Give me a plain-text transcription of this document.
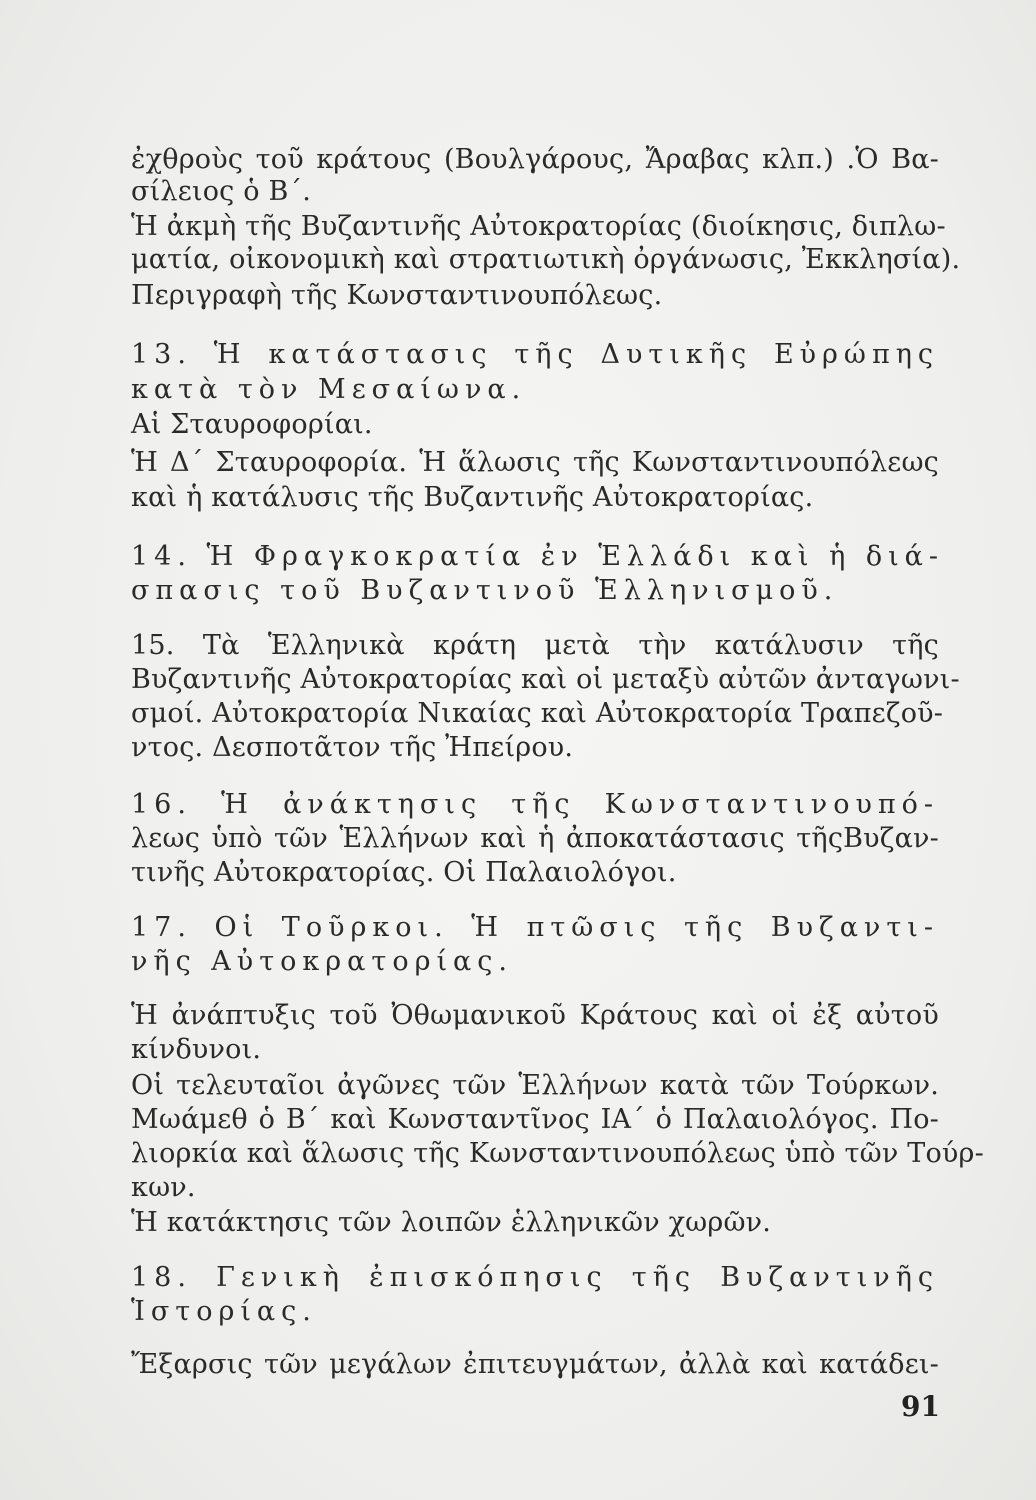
ἐχθροὺς τοῦ κράτους (Βουλγάρους, Ἄραβας κλπ.) .Ὁ Βα-
σίλειος ὁ Β΄.
Ἡ ἀκμὴ τῆς Βυζαντινῆς Αὐτοκρατορίας (διοίκησις, διπλω-
ματία, οἰκονομικὴ καὶ στρατιωτικὴ ὀργάνωσις, Ἐκκλησία).
Περιγραφὴ τῆς Κωνσταντινουπόλεως.
13. Ἡ κατάστασις τῆς Δυτικῆς Εὐρώπης
κατὰ τὸν Μεσαίωνα.
Αἱ Σταυροφορίαι.
Ἡ Δ΄ Σταυροφορία. Ἡ ἅλωσις τῆς Κωνσταντινουπόλεως
καὶ ἡ κατάλυσις τῆς Βυζαντινῆς Αὐτοκρατορίας.
14. Ἡ Φραγκοκρατία ἐν Ἑλλάδι καὶ ἡ διά-
σπασις τοῦ Βυζαντινοῦ Ἑλληνισμοῦ.
15. Τὰ Ἑλληνικὰ κράτη μετὰ τὴν κατάλυσιν τῆς
Βυζαντινῆς Αὐτοκρατορίας καὶ οἱ μεταξὺ αὐτῶν ἀνταγωνι-
σμοί. Αὐτοκρατορία Νικαίας καὶ Αὐτοκρατορία Τραπεζοῦ-
ντος. Δεσποτᾶτον τῆς Ἠπείρου.
16. Ἡ ἀνάκτησις τῆς Κωνσταντινουπό-
λεως ὑπὸ τῶν Ἑλλήνων καὶ ἡ ἀποκατάστασις τῆςΒυζαν-
τινῆς Αὐτοκρατορίας. Οἱ Παλαιολόγοι.
17. Οἱ Τοῦρκοι. Ἡ πτῶσις τῆς Βυζαντι-
νῆς Αὐτοκρατορίας.
Ἡ ἀνάπτυξις τοῦ Ὀθωμανικοῦ Κράτους καὶ οἱ ἐξ αὐτοῦ
κίνδυνοι.
Οἱ τελευταῖοι ἀγῶνες τῶν Ἑλλήνων κατὰ τῶν Τούρκων.
Μωάμεθ ὁ Β΄ καὶ Κωνσταντῖνος ΙΑ΄ ὁ Παλαιολόγος. Πο-
λιορκία καὶ ἅλωσις τῆς Κωνσταντινουπόλεως ὑπὸ τῶν Τούρ-
κων.
Ἡ κατάκτησις τῶν λοιπῶν ἑλληνικῶν χωρῶν.
18. Γενικὴ ἐπισκόπησις τῆς Βυζαντινῆς
Ἱστορίας.
Ἔξαρσις τῶν μεγάλων ἐπιτευγμάτων, ἀλλὰ καὶ κατάδει-
91
